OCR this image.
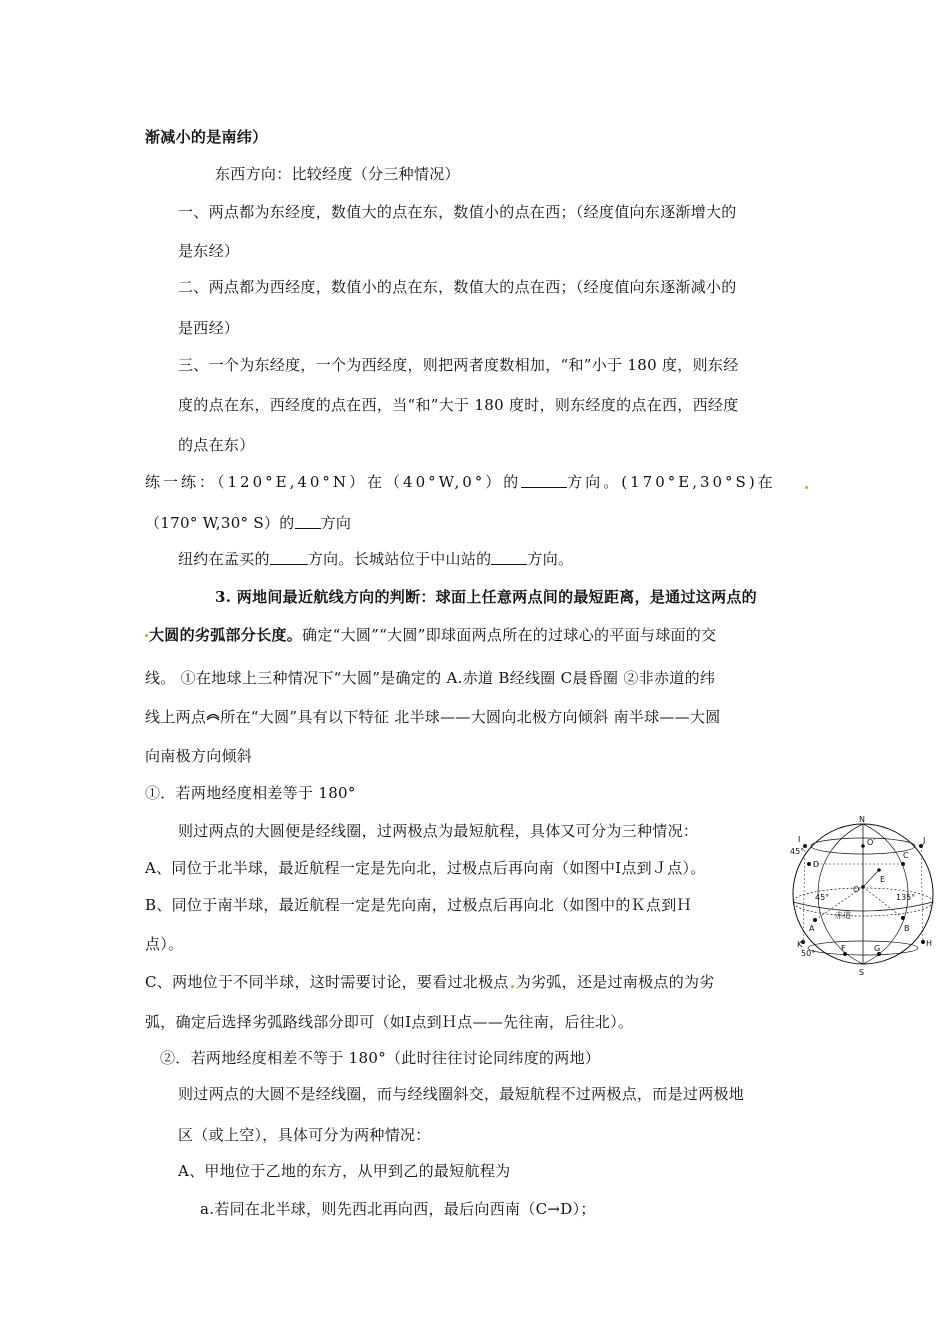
渐减小的是南纬）
东西方向：比较经度（分三种情况）
一、两点都为东经度，数值大的点在东，数值小的点在西；（经度值向东逐渐增大的
是东经）
二、两点都为西经度，数值小的点在东，数值大的点在西；（经度值向东逐渐减小的
是西经）
三、一个为东经度，一个为西经度，则把两者度数相加，“和”小于 180 度，则东经
度的点在东，西经度的点在西，当“和”大于 180 度时，则东经度的点在西，西经度
的点在东）
练一练：（120°E,40°N）在（40°W,0°）的	方向。(170°E,30°S)在
（170° W,30° S）的 方向
纽约在孟买的	方向。长城站位于中山站的 方向。
3. 两地间最近航线方向的判断：球面上任意两点间的最短距离，是通过这两点的
大圆的劣弧部分长度。确定“大圆”“大圆”即球面两点所在的过球心的平面与球面的交
线。 ①在地球上三种情况下“大圆”是确定的 A.赤道 B经线圈 C晨昏圈 ②非赤道的纬
线上两点 所在“大圆”具有以下特征 北半球——大圆向北极方向倾斜 南半球——大圆
向南极方向倾斜
①．若两地经度相差等于 180°
则过两点的大圆便是经线圈，过两极点为最短航程，具体又可分为三种情况：
A、同位于北半球，最近航程一定是先向北，过极点后再向南（如图中Ⅰ点到Ｊ点）。
B、同位于南半球，最近航程一定是先向南，过极点后再向北（如图中的Ｋ点到Ｈ
点）。
C、两地位于不同半球，这时需要讨论，要看过北极点 为劣弧，还是过南极点的为劣
弧，确定后选择劣弧路线部分即可（如Ⅰ点到Ｈ点——先往南，后往北）。
②．若两地经度相差不等于 180°（此时往往讨论同纬度的两地）
则过两点的大圆不是经线圈，而与经线圈斜交，最短航程不过两极点，而是过两极地
区（或上空），具体可分为两种情况：
A、甲地位于乙地的东方，从甲到乙的最短航程为
a.若同在北半球，则先西北再向西，最后向西南（C→D）；
N
S
O′
O
I	J
45°
D
C
E
45°	135°
赤道
A	B
K
50°
H
F	G
